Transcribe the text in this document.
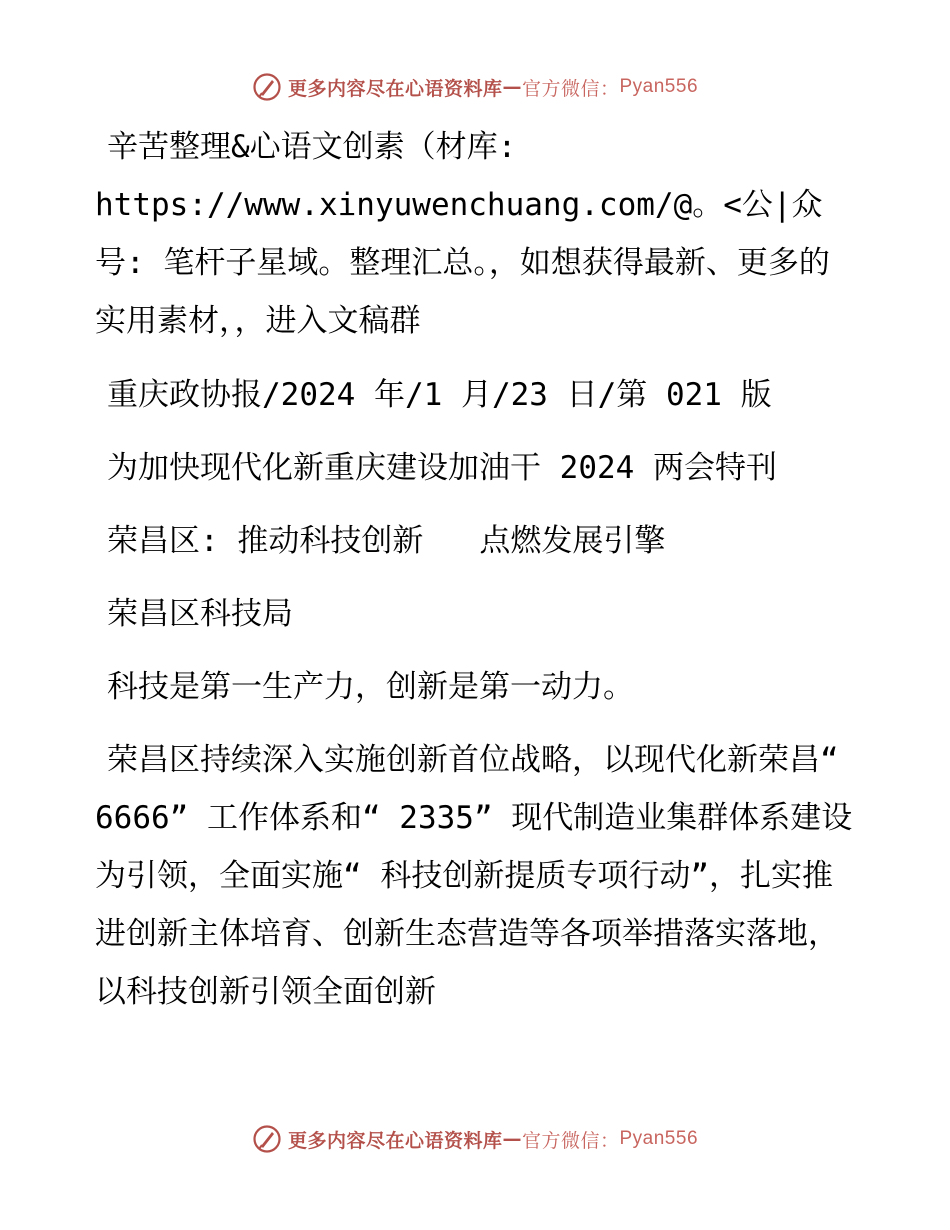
更多内容尽在心语资料库 — 官方微信： Pyan556

辛苦整理&心语文创素（材库: https://www.xinyuwenchuang.com/@。<公|众号: 笔杆子星域。整理汇总。，如想获得最新、更多的实用素材，，进入文稿群

重庆政协报/2024 年/1 月/23 日/第 021 版

为加快现代化新重庆建设加油干 2024 两会特刊

荣昌区: 推动科技创新   点燃发展引擎

荣昌区科技局

科技是第一生产力，创新是第一动力。

荣昌区持续深入实施创新首位战略，以现代化新荣昌“ 6666” 工作体系和“ 2335” 现代制造业集群体系建设为引领，全面实施“ 科技创新提质专项行动”，扎实推进创新主体培育、创新生态营造等各项举措落实落地，以科技创新引领全面创新

更多内容尽在心语资料库 — 官方微信： Pyan556
